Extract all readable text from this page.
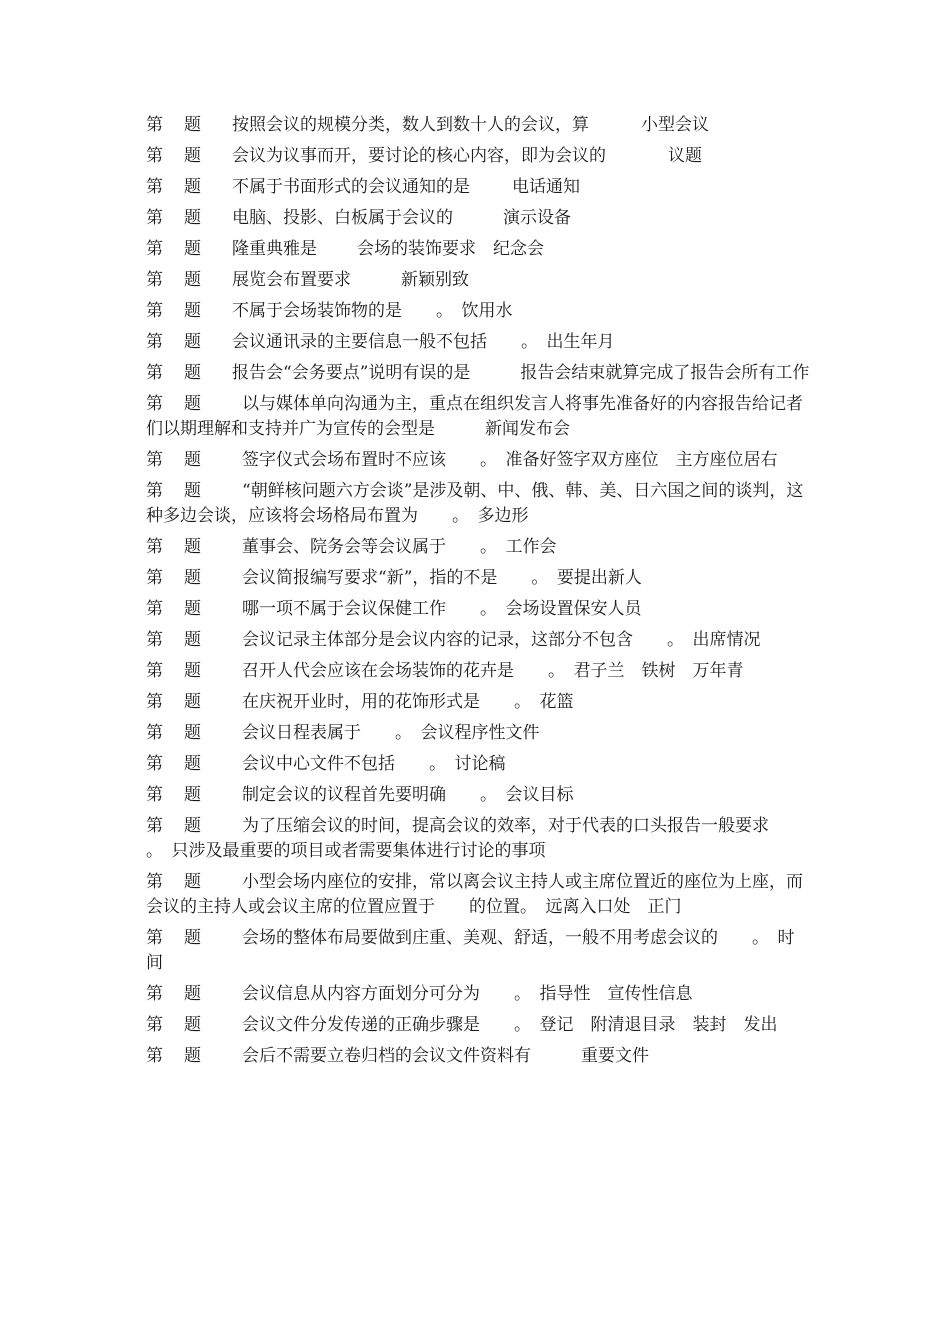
第 题 按照会议的规模分类，数人到数十人的会议，算	小型会议
第 题 会议为议事而开，要讨论的核心内容，即为会议的	议题
第 题 不属于书面形式的会议通知的是 电话通知
第 题 电脑、投影、白板属于会议的	演示设备
第 题 隆重典雅是 会场的装饰要求　纪念会
第 题 展览会布置要求	新颖别致
第 题 不属于会场装饰物的是　　。　饮用水
第 题 会议通讯录的主要信息一般不包括　　。　出生年月
第 题 报告会“会务要点”说明有误的是	报告会结束就算完成了报告会所有工作
第 题 以与媒体单向沟通为主，重点在组织发言人将事先准备好的内容报告给记者们以期理解和支持并广为宣传的会型是	新闻发布会
第 题 签字仪式会场布置时不应该　　。　准备好签字双方座位　主方座位居右
第 题 “朝鲜核问题六方会谈”是涉及朝、中、俄、韩、美、日六国之间的谈判，这种多边会谈，应该将会场格局布置为　　。　多边形
第 题 董事会、院务会等会议属于　　。　工作会
第 题 会议简报编写要求“新”，指的不是　　。　要提出新人
第 题 哪一项不属于会议保健工作　　。　会场设置保安人员
第 题 会议记录主体部分是会议内容的记录，这部分不包含　　。　出席情况
第 题 召开人代会应该在会场装饰的花卉是　　。　君子兰　铁树　万年青
第 题 在庆祝开业时，用的花饰形式是　　。　花篮
第 题 会议日程表属于　　。　会议程序性文件
第 题 会议中心文件不包括　　。　讨论稿
第 题 制定会议的议程首先要明确　　。　会议目标
第 题 为了压缩会议的时间，提高会议的效率，对于代表的口头报告一般要求　　。　只涉及最重要的项目或者需要集体进行讨论的事项
第 题 小型会场内座位的安排，常以离会议主持人或主席位置近的座位为上座，而会议的主持人或会议主席的位置应置于　　的位置。　远离入口处　正门
第 题 会场的整体布局要做到庄重、美观、舒适，一般不用考虑会议的　　。　时间
第 题 会议信息从内容方面划分可分为　　。　指导性　宣传性信息
第 题 会议文件分发传递的正确步骤是　　。　登记　附清退目录　装封　发出
第 题 会后不需要立卷归档的会议文件资料有	重要文件
